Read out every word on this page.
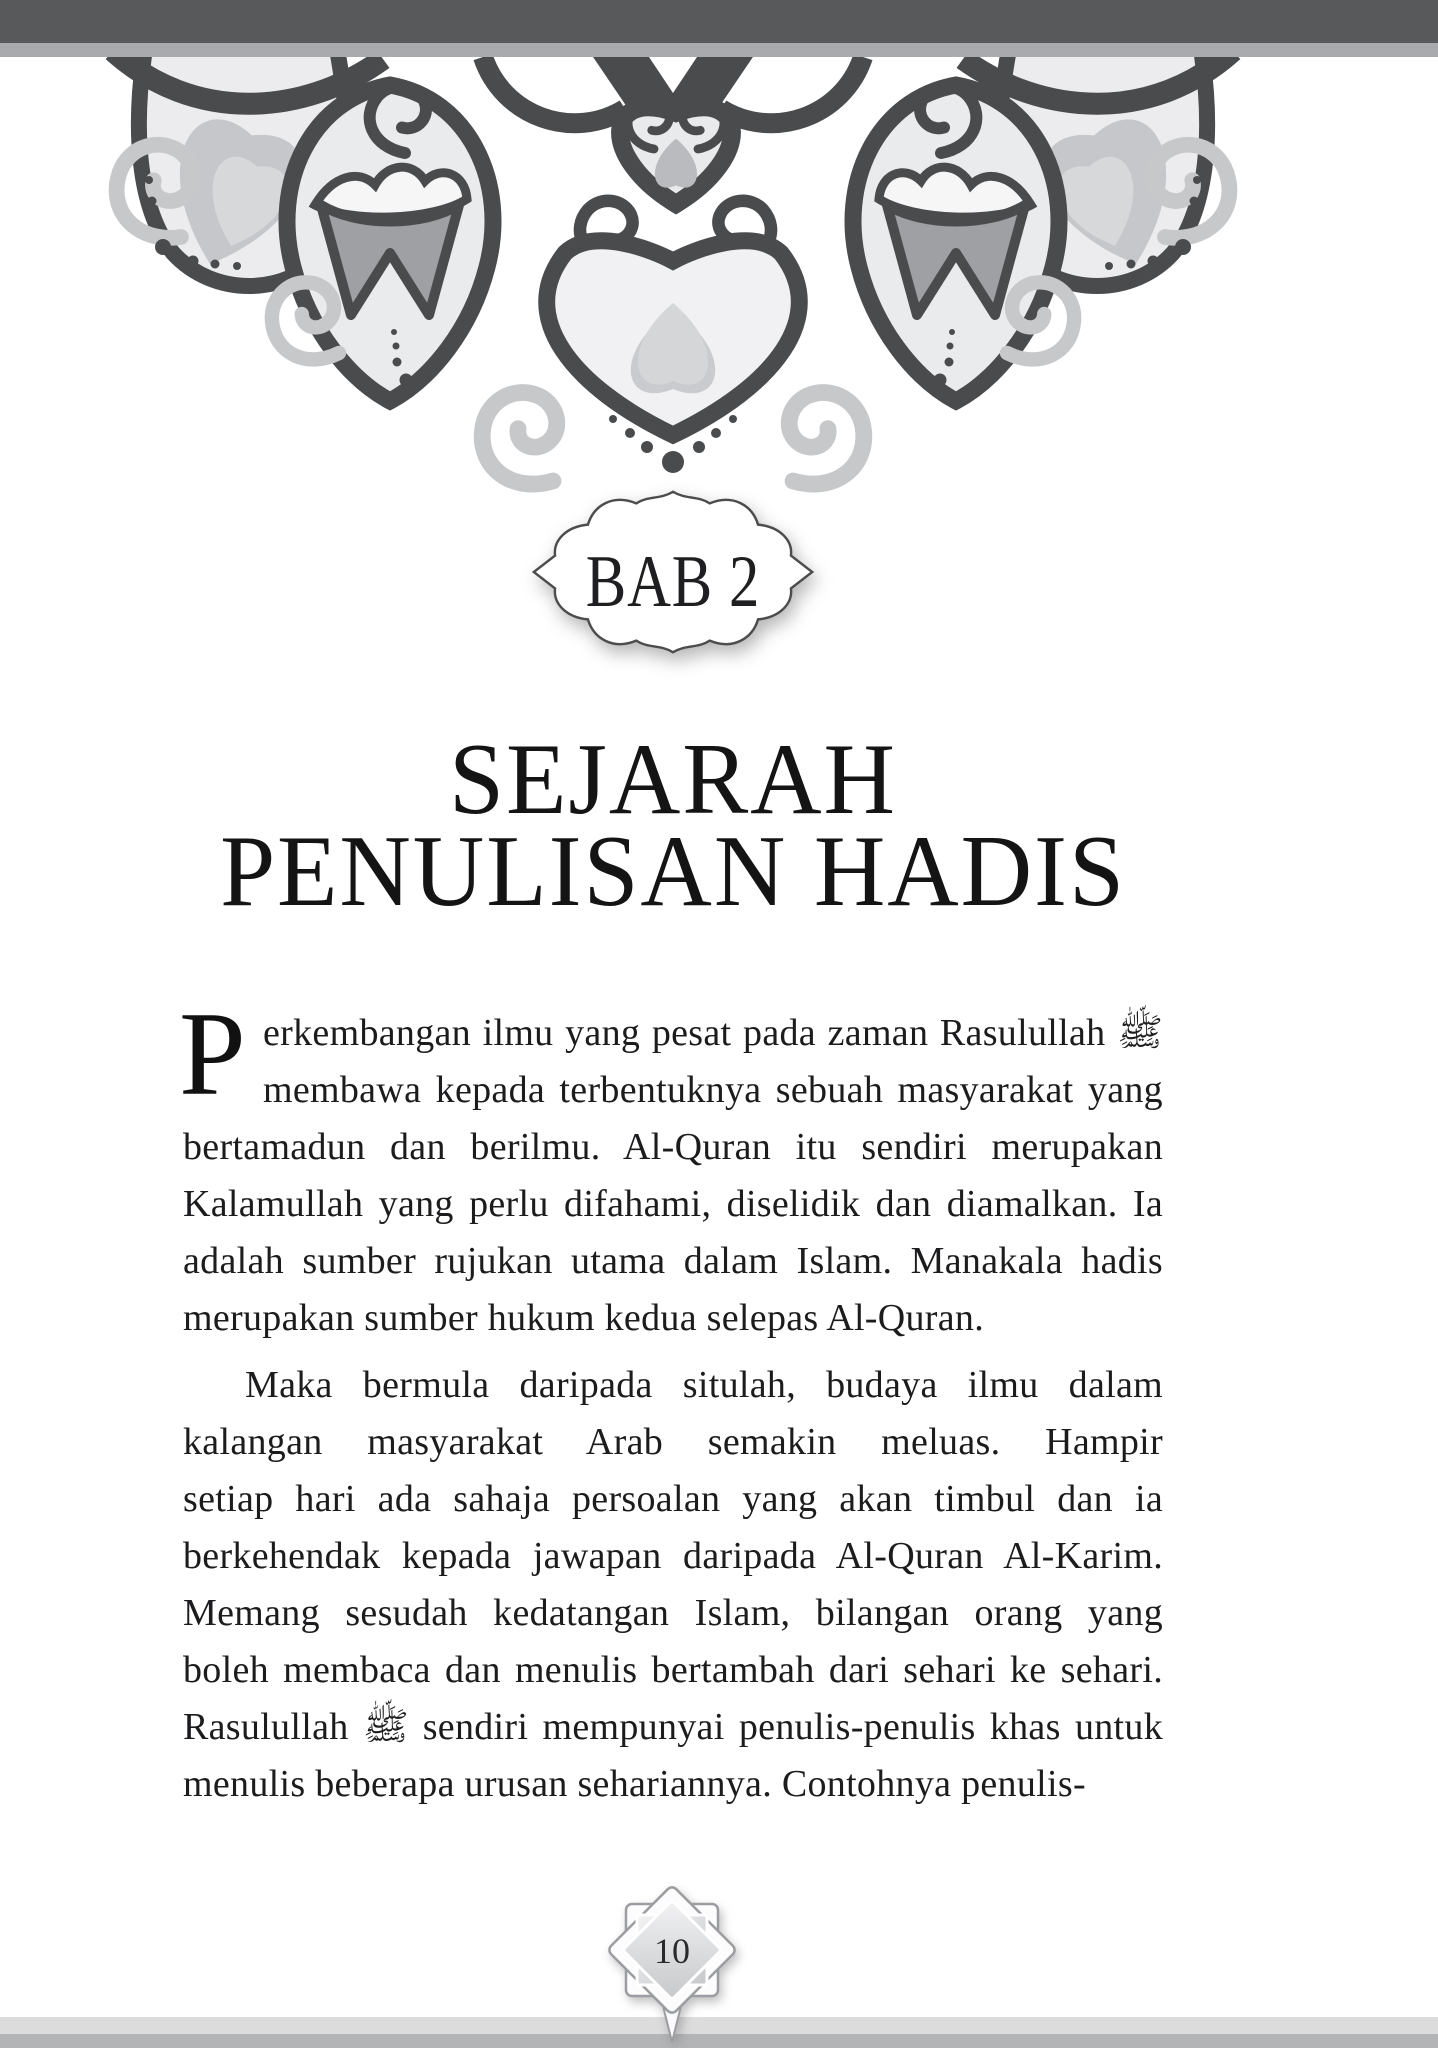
BAB 2
SEJARAH
PENULISAN HADIS
P erkembangan ilmu yang pesat pada zaman Rasulullah ﷺ
membawa kepada terbentuknya sebuah masyarakat yang
bertamadun dan berilmu. Al-Quran itu sendiri merupakan
Kalamullah yang perlu difahami, diselidik dan diamalkan. Ia
adalah sumber rujukan utama dalam Islam. Manakala hadis
merupakan sumber hukum kedua selepas Al-Quran.
Maka bermula daripada situlah, budaya ilmu dalam
kalangan masyarakat Arab semakin meluas. Hampir
setiap hari ada sahaja persoalan yang akan timbul dan ia
berkehendak kepada jawapan daripada Al-Quran Al-Karim.
Memang sesudah kedatangan Islam, bilangan orang yang
boleh membaca dan menulis bertambah dari sehari ke sehari.
Rasulullah ﷺ sendiri mempunyai penulis-penulis khas untuk
menulis beberapa urusan sehariannya. Contohnya penulis-
10
